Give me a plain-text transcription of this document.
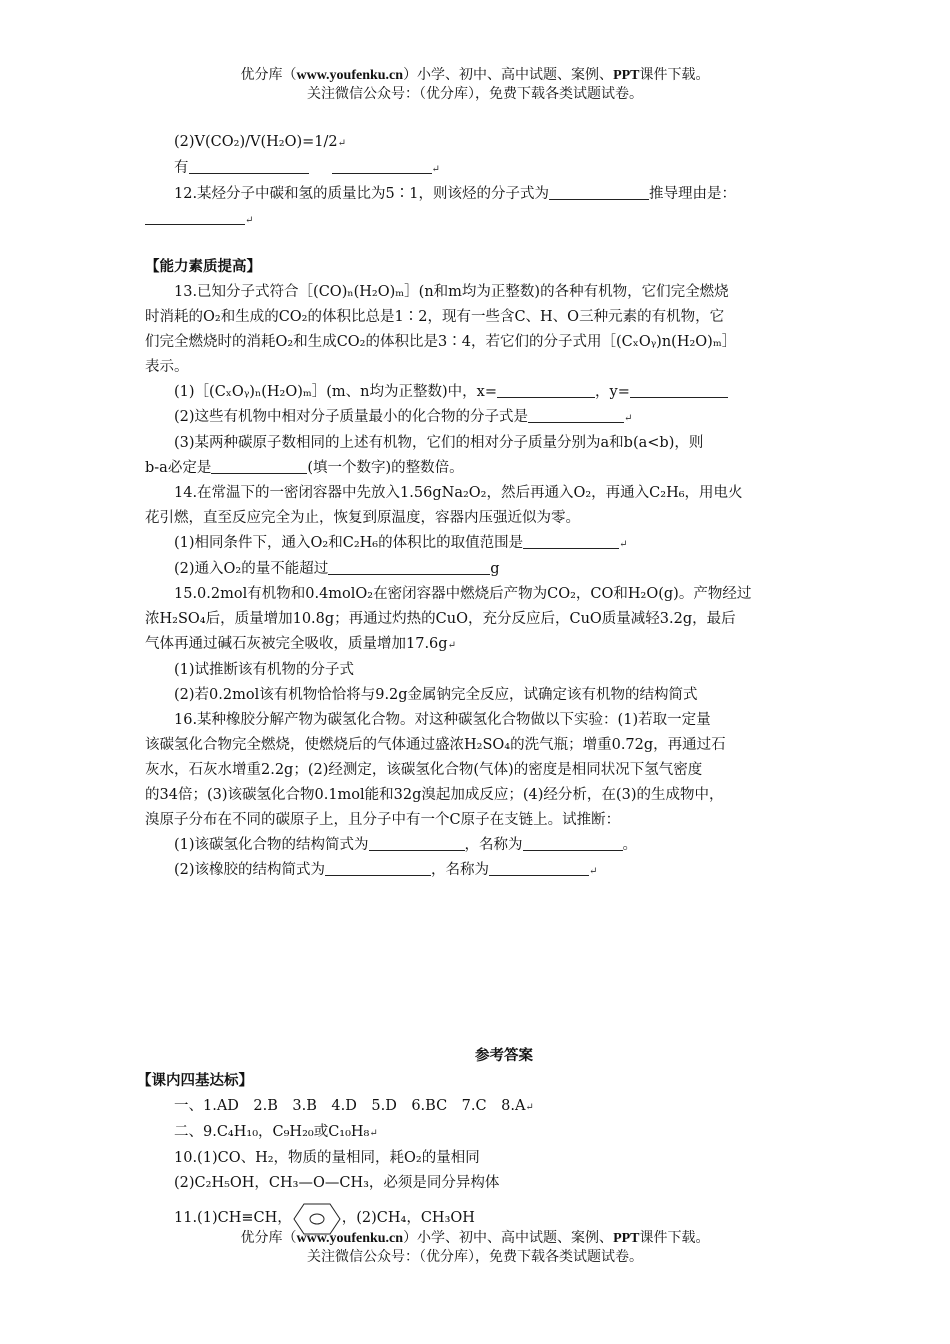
优分库（www.youfenku.cn）小学、初中、高中试题、案例、PPT课件下载。
关注微信公众号：（优分库），免费下载各类试题试卷。
(2)V(CO₂)/V(H₂O)=1/2↵
有	↵
12.某烃分子中碳和氢的质量比为5∶1，则该烃的分子式为	推导理由是：
↵
【能力素质提高】
13.已知分子式符合［(CO)ₙ(H₂O)ₘ］(n和m均为正整数)的各种有机物，它们完全燃烧
时消耗的O₂和生成的CO₂的体积比总是1∶2，现有一些含C、H、O三种元素的有机物，它
们完全燃烧时的消耗O₂和生成CO₂的体积比是3∶4，若它们的分子式用［(CₓOᵧ)n(H₂O)ₘ］
表示。
(1)［(CₓOᵧ)ₙ(H₂O)ₘ］(m、n均为正整数)中，x=	，y=
(2)这些有机物中相对分子质量最小的化合物的分子式是	↵
(3)某两种碳原子数相同的上述有机物，它们的相对分子质量分别为a和b(a<b)，则
b-a必定是	(填一个数字)的整数倍。
14.在常温下的一密闭容器中先放入1.56gNa₂O₂，然后再通入O₂，再通入C₂H₆，用电火
花引燃，直至反应完全为止，恢复到原温度，容器内压强近似为零。
(1)相同条件下，通入O₂和C₂H₆的体积比的取值范围是	↵
(2)通入O₂的量不能超过	g
15.0.2mol有机物和0.4molO₂在密闭容器中燃烧后产物为CO₂，CO和H₂O(g)。产物经过
浓H₂SO₄后，质量增加10.8g；再通过灼热的CuO，充分反应后，CuO质量减轻3.2g，最后
气体再通过碱石灰被完全吸收，质量增加17.6g↵
(1)试推断该有机物的分子式
(2)若0.2mol该有机物恰恰将与9.2g金属钠完全反应，试确定该有机物的结构简式
16.某种橡胶分解产物为碳氢化合物。对这种碳氢化合物做以下实验：(1)若取一定量
该碳氢化合物完全燃烧，使燃烧后的气体通过盛浓H₂SO₄的洗气瓶；增重0.72g，再通过石
灰水，石灰水增重2.2g；(2)经测定，该碳氢化合物(气体)的密度是相同状况下氢气密度
的34倍；(3)该碳氢化合物0.1mol能和32g溴起加成反应；(4)经分析，在(3)的生成物中，
溴原子分布在不同的碳原子上，且分子中有一个C原子在支链上。试推断：
(1)该碳氢化合物的结构简式为	，名称为	。
(2)该橡胶的结构简式为	，名称为	↵
参考答案
【课内四基达标】
一、1.AD　2.B　3.B　4.D　5.D　6.BC　7.C　8.A↵
二、9.C₄H₁₀，C₉H₂₀或C₁₀H₈↵
10.(1)CO、H₂，物质的量相同，耗O₂的量相同
(2)C₂H₅OH，CH₃—O—CH₃，必须是同分异构体
11.(1)CH≡CH，	，(2)CH₄，CH₃OH
优分库（www.youfenku.cn）小学、初中、高中试题、案例、PPT课件下载。
关注微信公众号：（优分库），免费下载各类试题试卷。
